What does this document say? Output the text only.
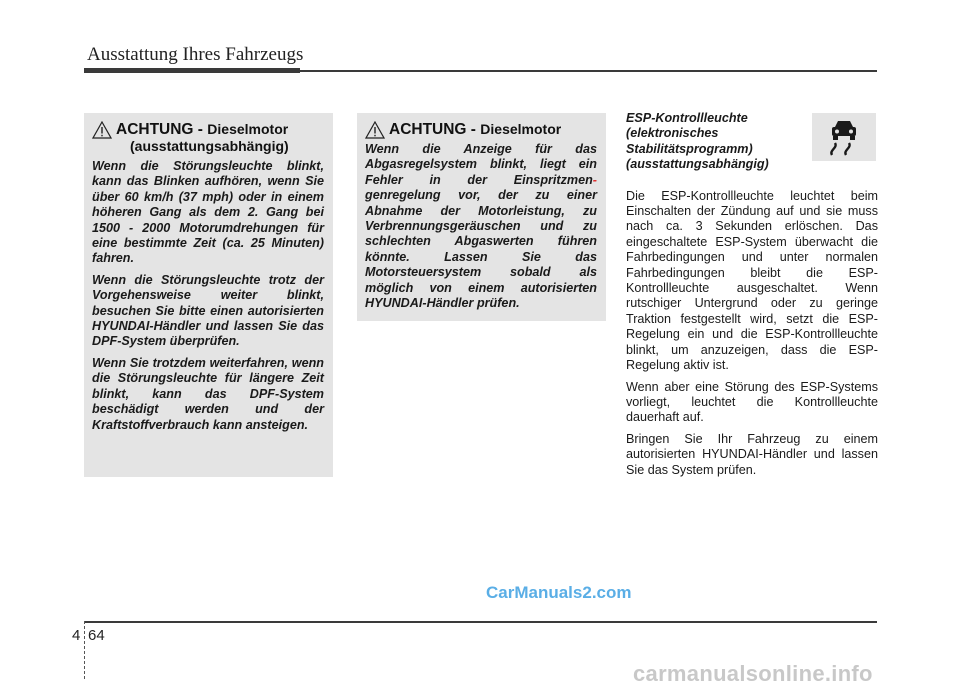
Ausstattung Ihres Fahrzeugs
ACHTUNG - Dieselmotor
(ausstattungsabhängig)

Wenn die Störungsleuchte blinkt, kann das Blinken aufhören, wenn Sie über 60 km/h (37 mph) oder in einem höheren Gang als dem 2. Gang bei 1500 - 2000 Motorumdrehungen für eine bestimmte Zeit (ca. 25 Minuten) fahren.

Wenn die Störungsleuchte trotz der Vorgehensweise weiter blinkt, besuchen Sie bitte einen autorisierten HYUNDAI-Händler und lassen Sie das DPF-System überprüfen.

Wenn Sie trotzdem weiterfahren, wenn die Störungsleuchte für längere Zeit blinkt, kann das DPF-System beschädigt werden und der Kraftstoffverbrauch kann ansteigen.

ACHTUNG - Dieselmotor

Wenn die Anzeige für das Abgasregelsystem blinkt, liegt ein Fehler in der Einspritzmen-genregelung vor, der zu einer Abnahme der Motorleistung, zu Verbrennungsgeräuschen und zu schlechten Abgaswerten führen könnte. Lassen Sie das Motorsteuersystem sobald als möglich von einem autorisierten HYUNDAI-Händler prüfen.

ESP-Kontrollleuchte (elektronisches Stabilitätsprogramm) (ausstattungsabhängig)

Die ESP-Kontrollleuchte leuchtet beim Einschalten der Zündung auf und sie muss nach ca. 3 Sekunden erlöschen. Das eingeschaltete ESP-System überwacht die Fahrbedingungen und unter normalen Fahrbedingungen bleibt die ESP-Kontrollleuchte ausgeschaltet. Wenn rutschiger Untergrund oder zu geringe Traktion festgestellt wird, setzt die ESP-Regelung ein und die ESP-Kontrollleuchte blinkt, um anzuzeigen, dass die ESP-Regelung aktiv ist.

Wenn aber eine Störung des ESP-Systems vorliegt, leuchtet die Kontrollleuchte dauerhaft auf.

Bringen Sie Ihr Fahrzeug zu einem autorisierten HYUNDAI-Händler und lassen Sie das System prüfen.

CarManuals2.com
4 64
carmanualsonline.info
